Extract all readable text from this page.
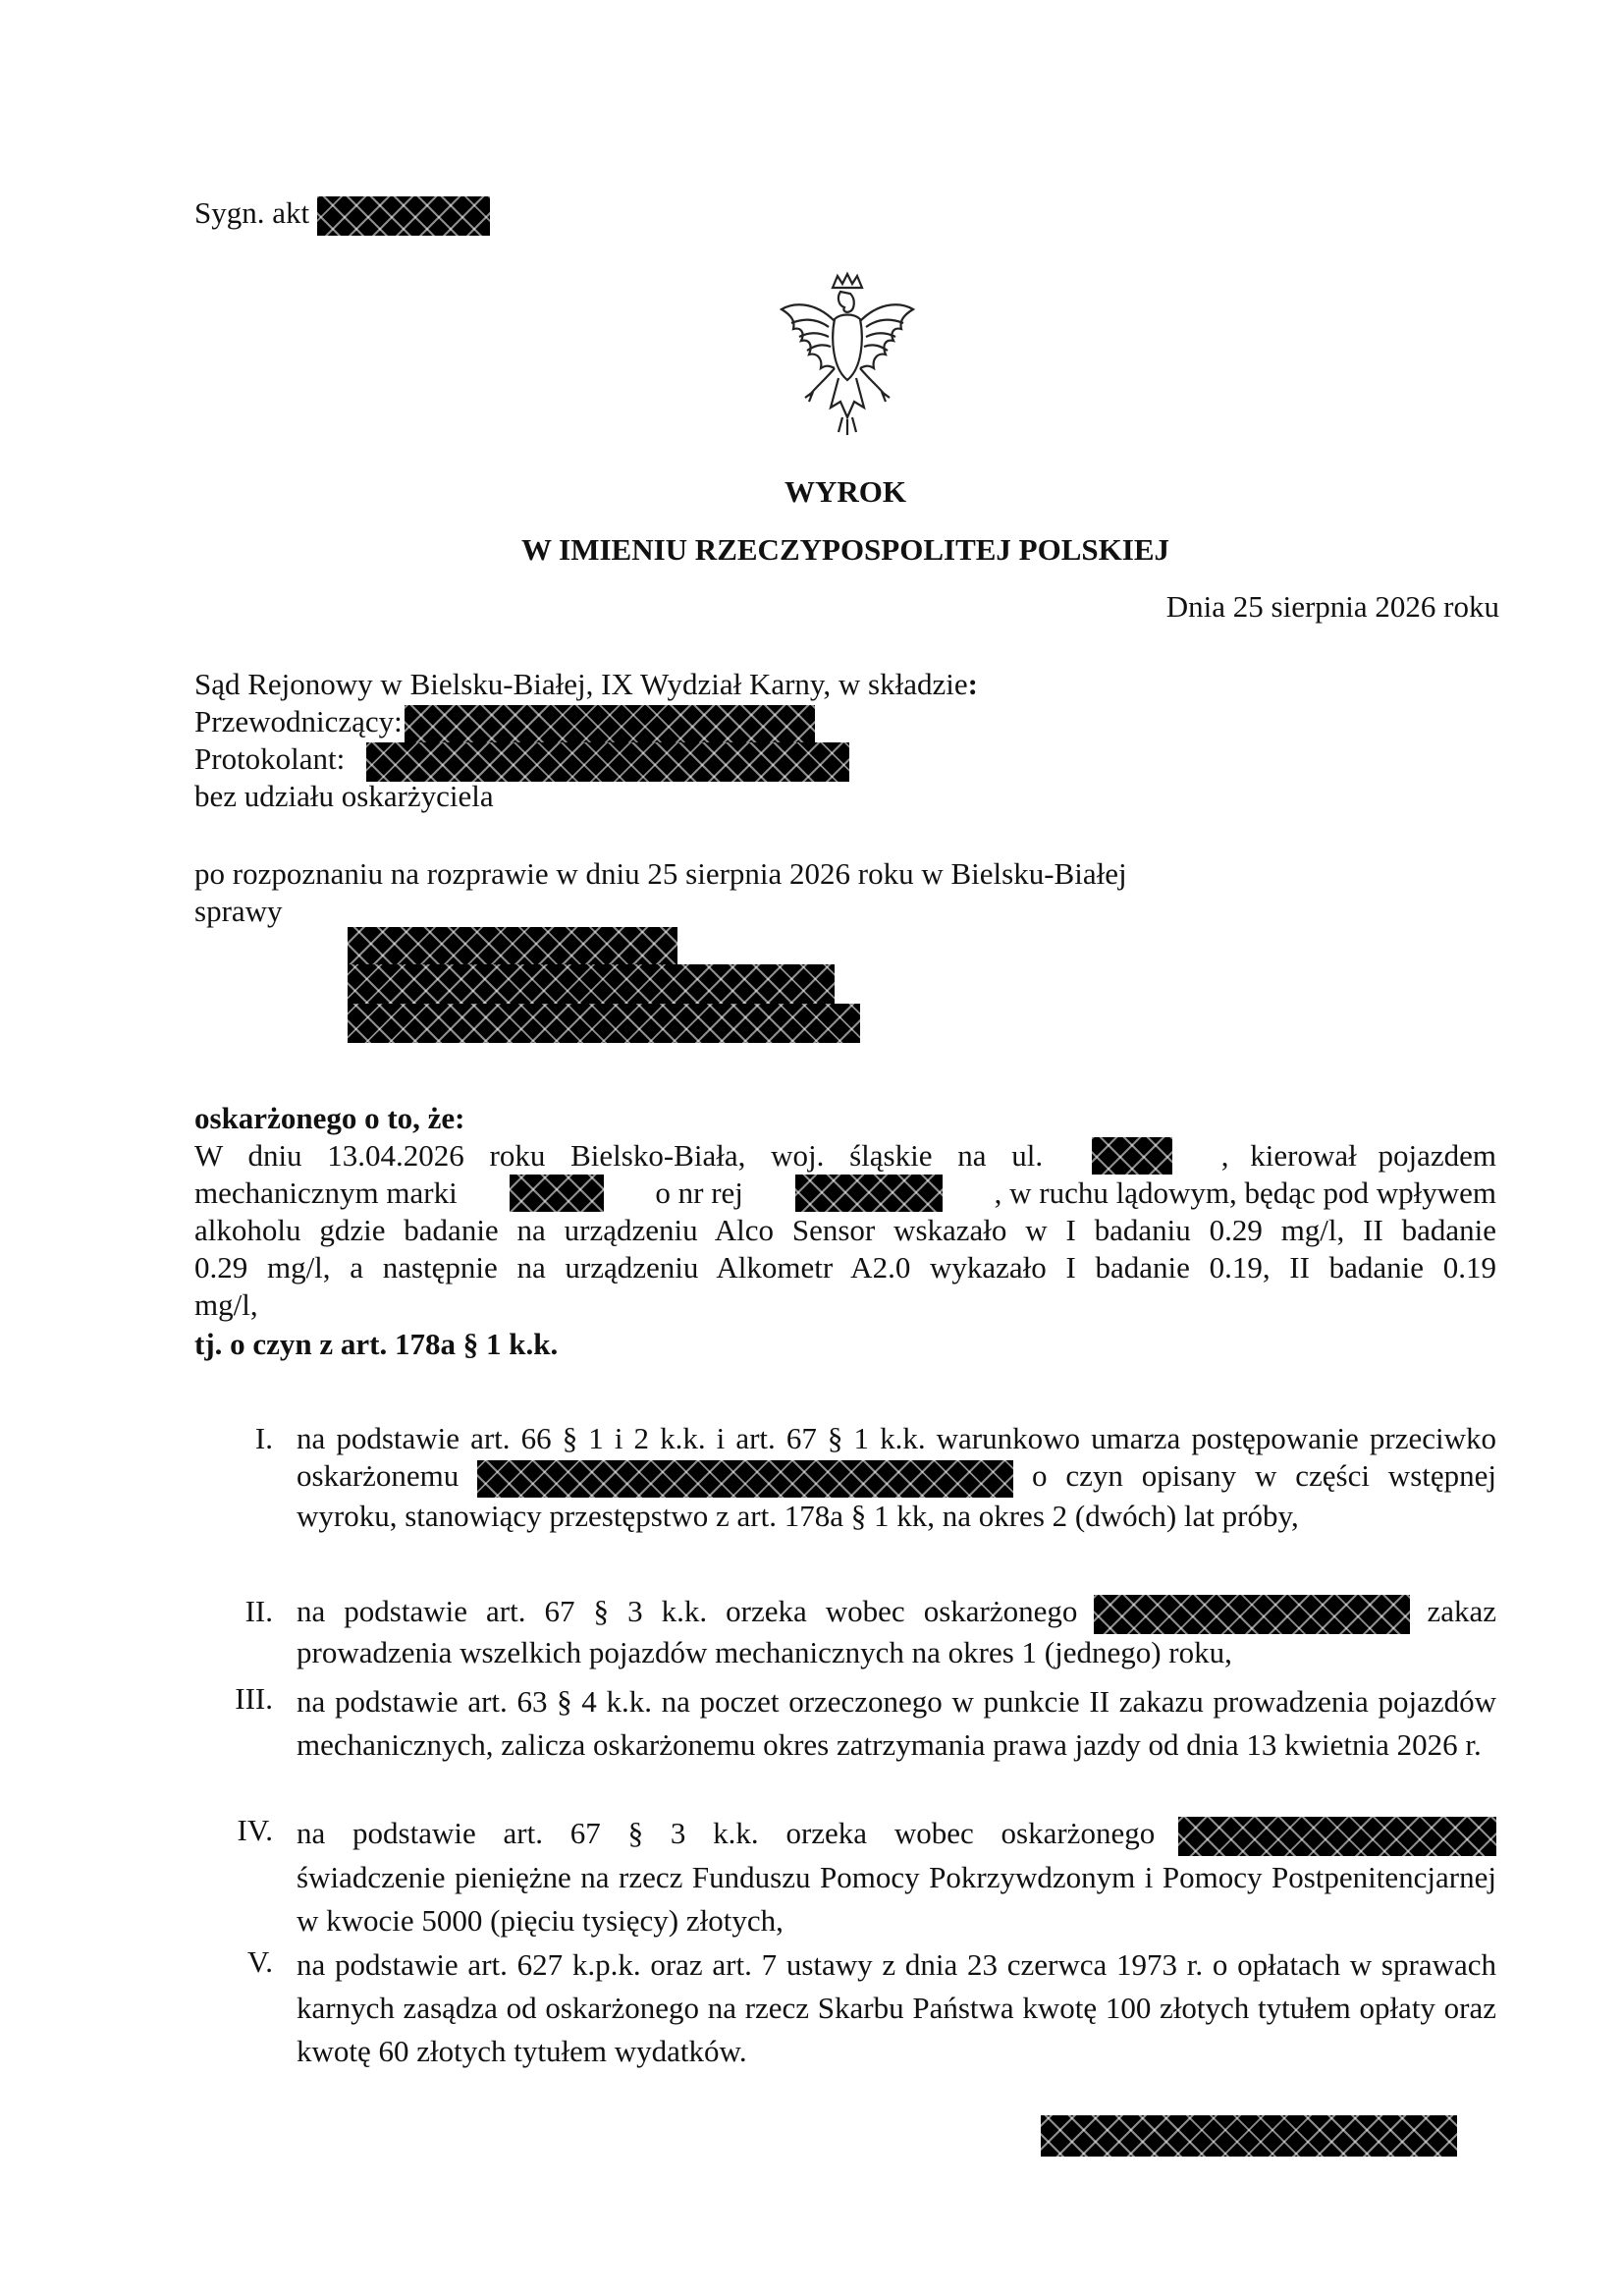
Sygn. akt
WYROK
W IMIENIU RZECZYPOSPOLITEJ POLSKIEJ
Dnia 25 sierpnia 2026 roku
Sąd Rejonowy w Bielsku-Białej, IX Wydział Karny, w składzie:
Przewodniczący:
Protokolant:
bez udziału oskarżyciela
po rozpoznaniu na rozprawie w dniu 25 sierpnia 2026 roku w Bielsku-Białej
sprawy
oskarżonego o to, że:
W dniu 13.04.2026 roku Bielsko-Biała, woj. śląskie na ul.	, kierował pojazdem
mechanicznym marki	o nr rej	, w ruchu lądowym, będąc pod wpływem
alkoholu gdzie badanie na urządzeniu Alco Sensor wskazało w I badaniu 0.29 mg/l, II badanie
0.29 mg/l, a następnie na urządzeniu Alkometr A2.0 wykazało I badanie 0.19, II badanie 0.19
mg/l,
tj. o czyn z art. 178a § 1 k.k.
I. na podstawie art. 66 § 1 i 2 k.k. i art. 67 § 1 k.k. warunkowo umarza postępowanie przeciwko oskarżonemu	o czyn opisany w części wstępnej wyroku, stanowiący przestępstwo z art. 178a § 1 kk, na okres 2 (dwóch) lat próby,
II. na podstawie art. 67 § 3 k.k. orzeka wobec oskarżonego	zakaz prowadzenia wszelkich pojazdów mechanicznych na okres 1 (jednego) roku,
III. na podstawie art. 63 § 4 k.k. na poczet orzeczonego w punkcie II zakazu prowadzenia pojazdów mechanicznych, zalicza oskarżonemu okres zatrzymania prawa jazdy od dnia 13 kwietnia 2026 r.
IV. na podstawie art. 67 § 3 k.k. orzeka wobec oskarżonego  świadczenie pieniężne na rzecz Funduszu Pomocy Pokrzywdzonym i Pomocy Postpenitencjarnej w kwocie 5000 (pięciu tysięcy) złotych,
V. na podstawie art. 627 k.p.k. oraz art. 7 ustawy z dnia 23 czerwca 1973 r. o opłatach w sprawach karnych zasądza od oskarżonego na rzecz Skarbu Państwa kwotę 100 złotych tytułem opłaty oraz kwotę 60 złotych tytułem wydatków.
